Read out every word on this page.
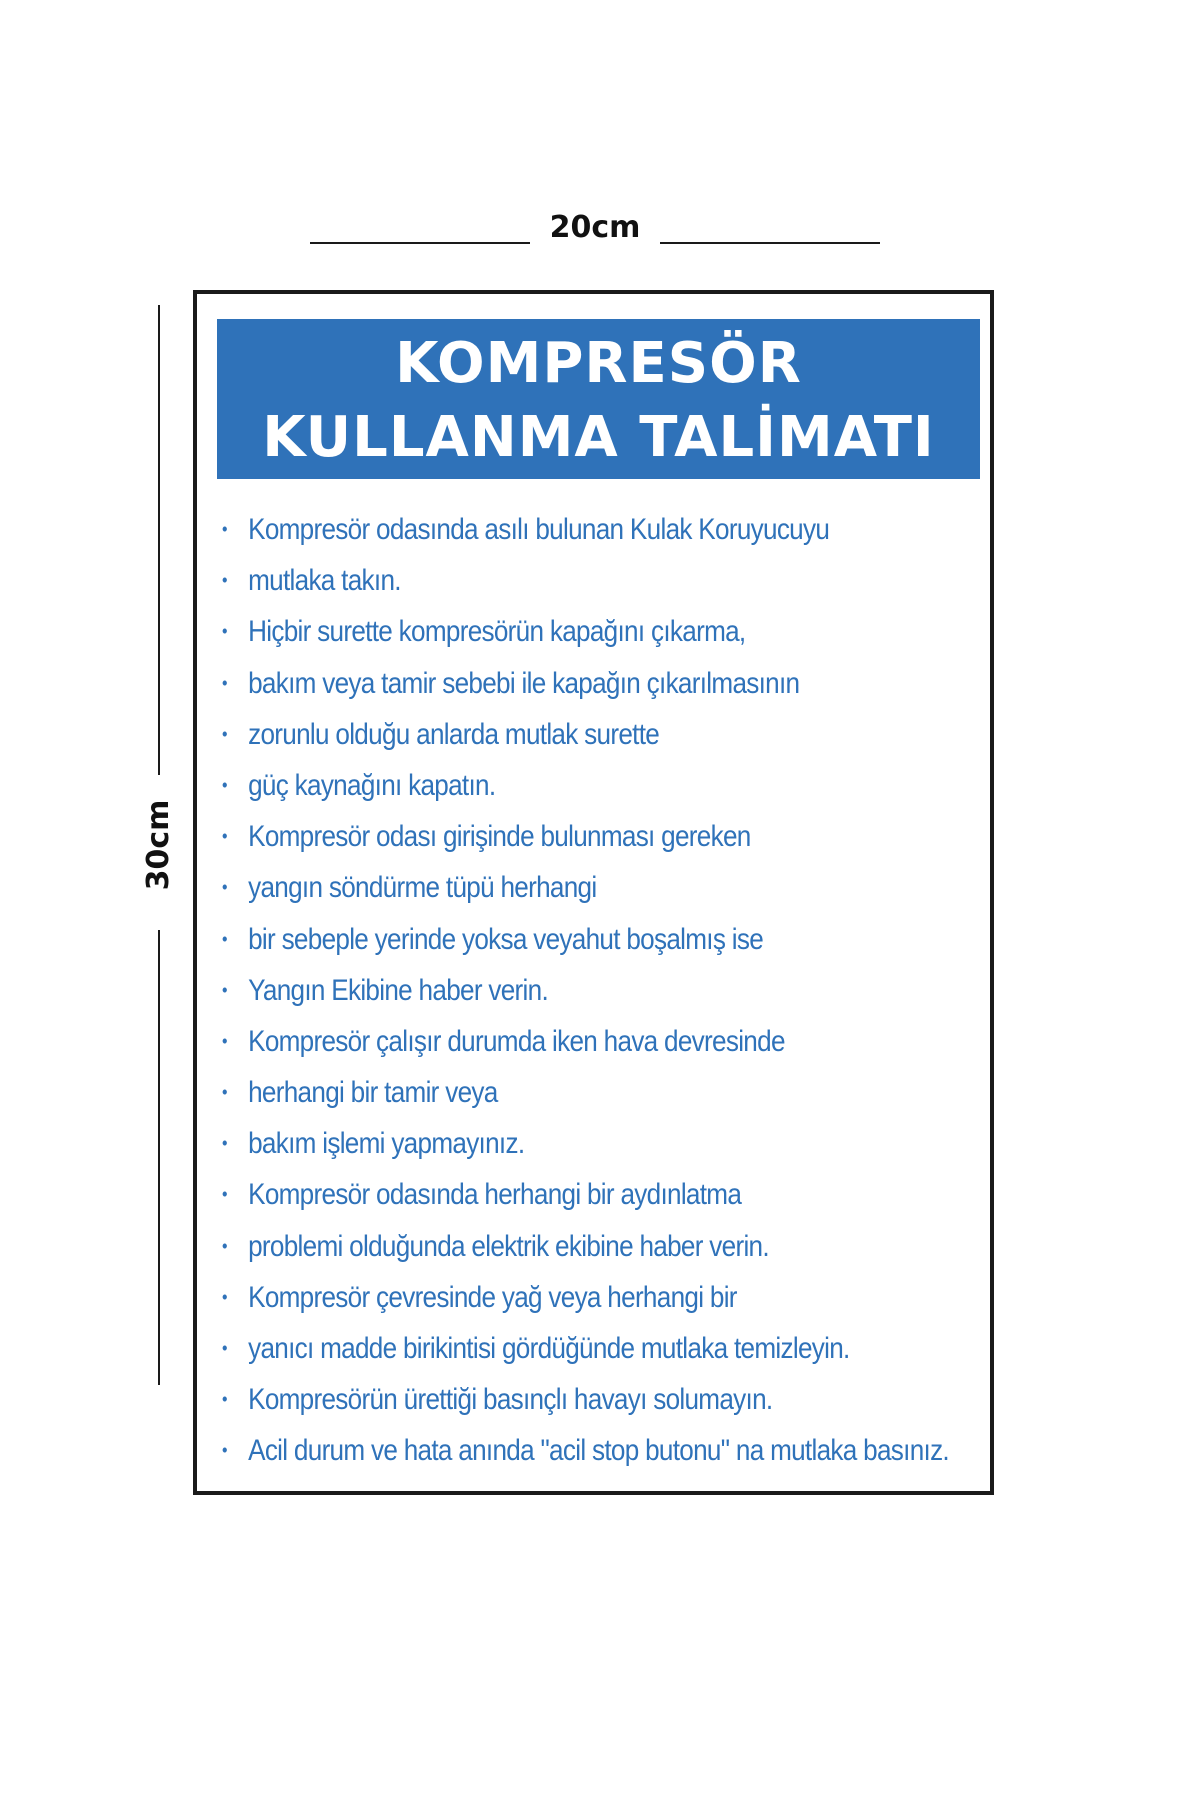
20cm
30cm
KOMPRESÖR
KULLANMA TALİMATI
• Kompresör odasında asılı bulunan Kulak Koruyucuyu
• mutlaka takın.
• Hiçbir surette kompresörün kapağını çıkarma,
• bakım veya tamir sebebi ile kapağın çıkarılmasının
• zorunlu olduğu anlarda mutlak surette
• güç kaynağını kapatın.
• Kompresör odası girişinde bulunması gereken
• yangın söndürme tüpü herhangi
• bir sebeple yerinde yoksa veyahut boşalmış ise
• Yangın Ekibine haber verin.
• Kompresör çalışır durumda iken hava devresinde
• herhangi bir tamir veya
• bakım işlemi yapmayınız.
• Kompresör odasında herhangi bir aydınlatma
• problemi olduğunda elektrik ekibine haber verin.
• Kompresör çevresinde yağ veya herhangi bir
• yanıcı madde birikintisi gördüğünde mutlaka temizleyin.
• Kompresörün ürettiği basınçlı havayı solumayın.
• Acil durum ve hata anında "acil stop butonu" na mutlaka basınız.
